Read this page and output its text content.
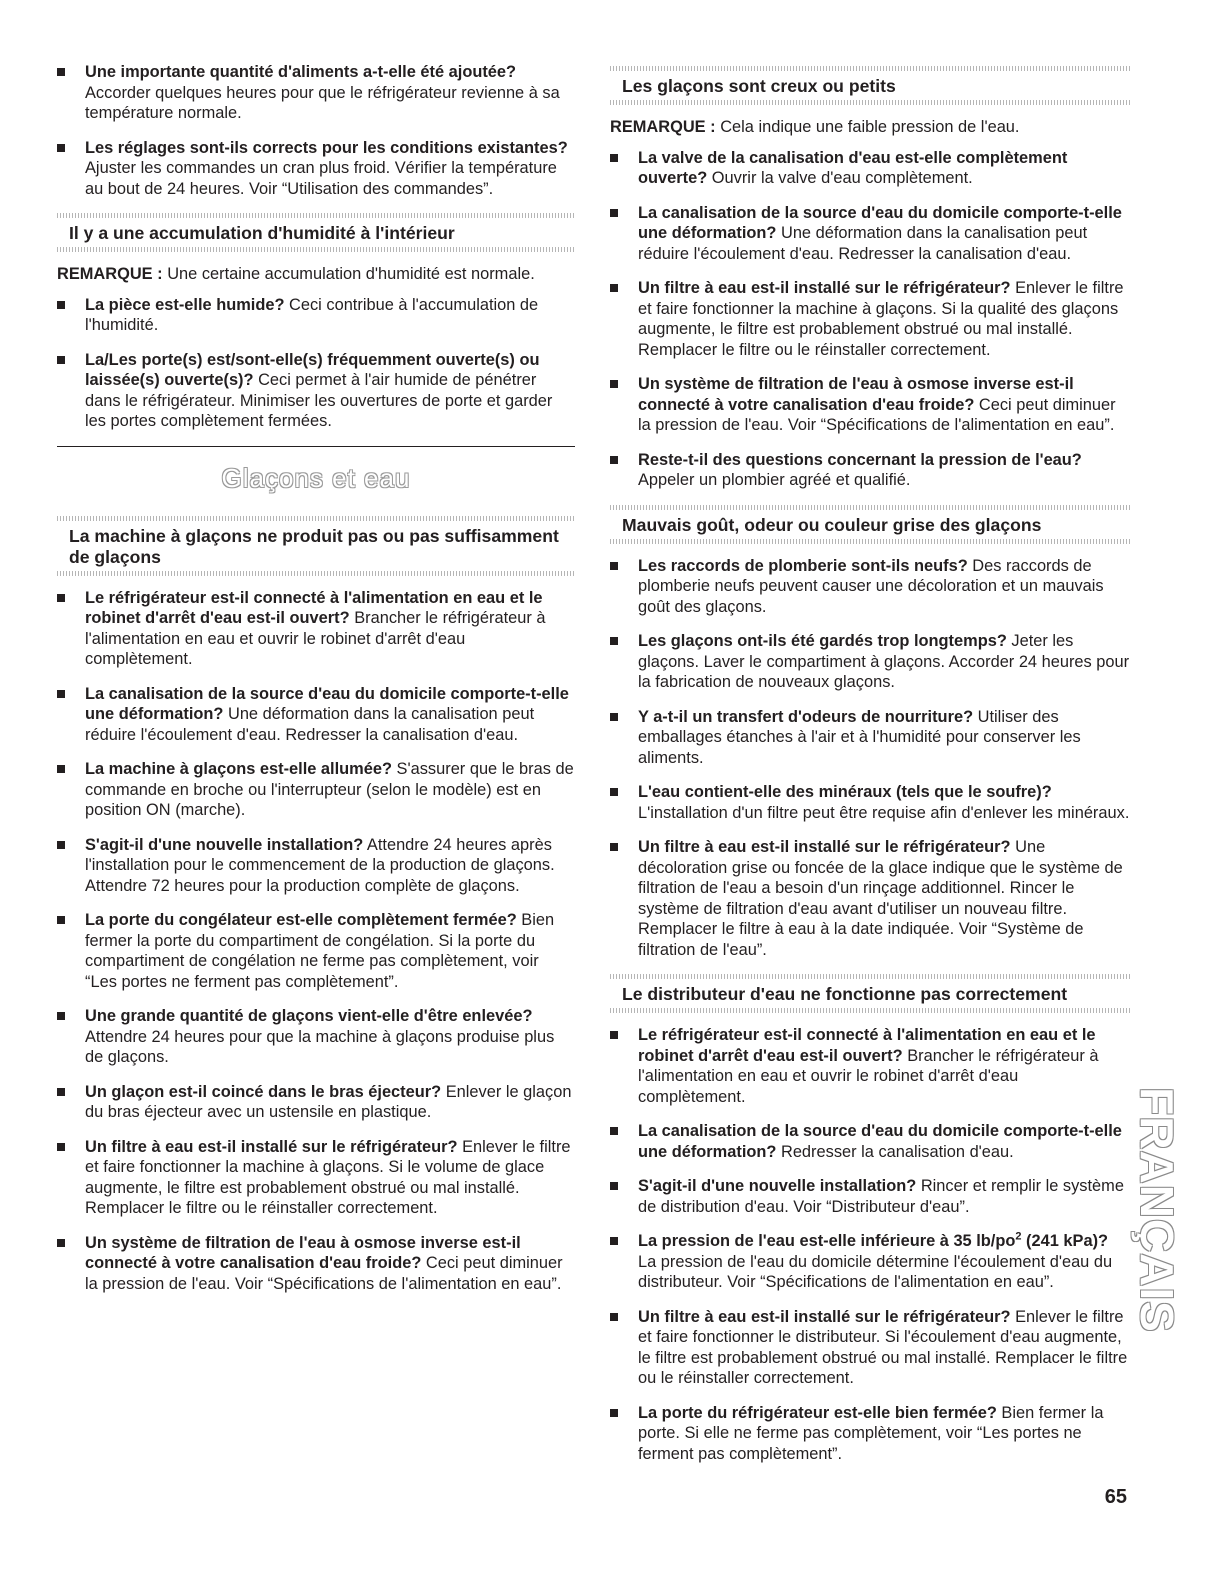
Une importante quantité d'aliments a-t-elle été ajoutée? Accorder quelques heures pour que le réfrigérateur revienne à sa température normale.
Les réglages sont-ils corrects pour les conditions existantes? Ajuster les commandes un cran plus froid. Vérifier la température au bout de 24 heures. Voir “Utilisation des commandes”.
Il y a une accumulation d'humidité à l'intérieur

REMARQUE : Une certaine accumulation d'humidité est normale.

La pièce est-elle humide? Ceci contribue à l'accumulation de l'humidité.
La/Les porte(s) est/sont-elle(s) fréquemment ouverte(s) ou laissée(s) ouverte(s)? Ceci permet à l'air humide de pénétrer dans le réfrigérateur. Minimiser les ouvertures de porte et garder les portes complètement fermées.
Glaçons et eau
La machine à glaçons ne produit pas ou pas suffisamment de glaçons
Le réfrigérateur est-il connecté à l'alimentation en eau et le robinet d'arrêt d'eau est-il ouvert? Brancher le réfrigérateur à l'alimentation en eau et ouvrir le robinet d'arrêt d'eau complètement.
La canalisation de la source d'eau du domicile comporte-t-elle une déformation? Une déformation dans la canalisation peut réduire l'écoulement d'eau. Redresser la canalisation d'eau.
La machine à glaçons est-elle allumée? S'assurer que le bras de commande en broche ou l'interrupteur (selon le modèle) est en position ON (marche).
S'agit-il d'une nouvelle installation? Attendre 24 heures après l'installation pour le commencement de la production de glaçons. Attendre 72 heures pour la production complète de glaçons.
La porte du congélateur est-elle complètement fermée? Bien fermer la porte du compartiment de congélation. Si la porte du compartiment de congélation ne ferme pas complètement, voir “Les portes ne ferment pas complètement”.
Une grande quantité de glaçons vient-elle d'être enlevée? Attendre 24 heures pour que la machine à glaçons produise plus de glaçons.
Un glaçon est-il coincé dans le bras éjecteur? Enlever le glaçon du bras éjecteur avec un ustensile en plastique.
Un filtre à eau est-il installé sur le réfrigérateur? Enlever le filtre et faire fonctionner la machine à glaçons. Si le volume de glace augmente, le filtre est probablement obstrué ou mal installé. Remplacer le filtre ou le réinstaller correctement.
Un système de filtration de l'eau à osmose inverse est-il connecté à votre canalisation d'eau froide? Ceci peut diminuer la pression de l'eau. Voir “Spécifications de l'alimentation en eau”.
Les glaçons sont creux ou petits

REMARQUE : Cela indique une faible pression de l'eau.

La valve de la canalisation d'eau est-elle complètement ouverte? Ouvrir la valve d'eau complètement.
La canalisation de la source d'eau du domicile comporte-t-elle une déformation? Une déformation dans la canalisation peut réduire l'écoulement d'eau. Redresser la canalisation d'eau.
Un filtre à eau est-il installé sur le réfrigérateur? Enlever le filtre et faire fonctionner la machine à glaçons. Si la qualité des glaçons augmente, le filtre est probablement obstrué ou mal installé. Remplacer le filtre ou le réinstaller correctement.
Un système de filtration de l'eau à osmose inverse est-il connecté à votre canalisation d'eau froide? Ceci peut diminuer la pression de l'eau. Voir “Spécifications de l'alimentation en eau”.
Reste-t-il des questions concernant la pression de l'eau? Appeler un plombier agréé et qualifié.
Mauvais goût, odeur ou couleur grise des glaçons
Les raccords de plomberie sont-ils neufs? Des raccords de plomberie neufs peuvent causer une décoloration et un mauvais goût des glaçons.
Les glaçons ont-ils été gardés trop longtemps? Jeter les glaçons. Laver le compartiment à glaçons. Accorder 24 heures pour la fabrication de nouveaux glaçons.
Y a-t-il un transfert d'odeurs de nourriture? Utiliser des emballages étanches à l'air et à l'humidité pour conserver les aliments.
L'eau contient-elle des minéraux (tels que le soufre)? L'installation d'un filtre peut être requise afin d'enlever les minéraux.
Un filtre à eau est-il installé sur le réfrigérateur? Une décoloration grise ou foncée de la glace indique que le système de filtration de l'eau a besoin d'un rinçage additionnel. Rincer le système de filtration d'eau avant d'utiliser un nouveau filtre. Remplacer le filtre à eau à la date indiquée. Voir “Système de filtration de l'eau”.
Le distributeur d'eau ne fonctionne pas correctement
Le réfrigérateur est-il connecté à l'alimentation en eau et le robinet d'arrêt d'eau est-il ouvert? Brancher le réfrigérateur à l'alimentation en eau et ouvrir le robinet d'arrêt d'eau complètement.
La canalisation de la source d'eau du domicile comporte-t-elle une déformation? Redresser la canalisation d'eau.
S'agit-il d'une nouvelle installation? Rincer et remplir le système de distribution d'eau. Voir “Distributeur d'eau”.
La pression de l'eau est-elle inférieure à 35 $lb/po^2$ (241 kPa)? La pression de l'eau du domicile détermine l'écoulement d'eau du distributeur. Voir “Spécifications de l'alimentation en eau”.
Un filtre à eau est-il installé sur le réfrigérateur? Enlever le filtre et faire fonctionner le distributeur. Si l'écoulement d'eau augmente, le filtre est probablement obstrué ou mal installé. Remplacer le filtre ou le réinstaller correctement.
La porte du réfrigérateur est-elle bien fermée? Bien fermer la porte. Si elle ne ferme pas complètement, voir “Les portes ne ferment pas complètement”.
FRANÇAIS
65
